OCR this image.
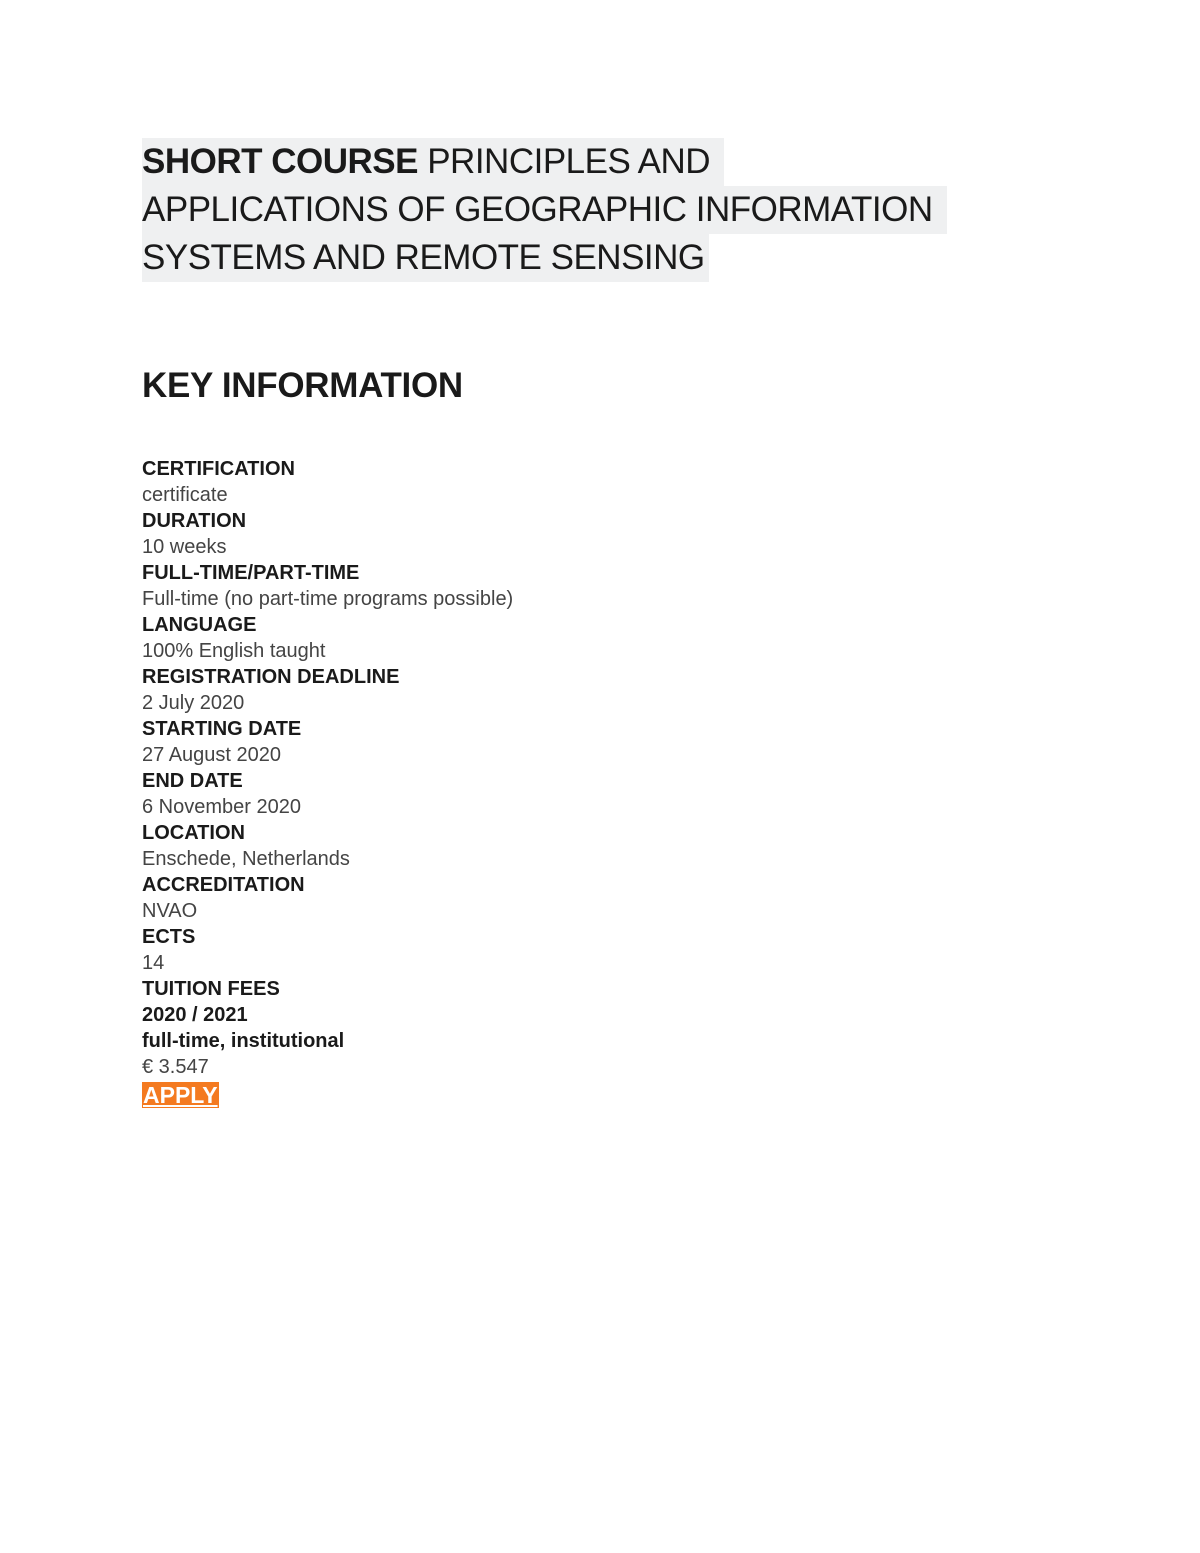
SHORT COURSE PRINCIPLES AND
APPLICATIONS OF GEOGRAPHIC INFORMATION
SYSTEMS AND REMOTE SENSING
KEY INFORMATION
CERTIFICATION
certificate
DURATION
10 weeks
FULL-TIME/PART-TIME
Full-time (no part-time programs possible)
LANGUAGE
100% English taught
REGISTRATION DEADLINE
2 July 2020
STARTING DATE
27 August 2020
END DATE
6 November 2020
LOCATION
Enschede, Netherlands
ACCREDITATION
NVAO
ECTS
14
TUITION FEES
2020 / 2021
full-time, institutional
€ 3.547
APPLY
